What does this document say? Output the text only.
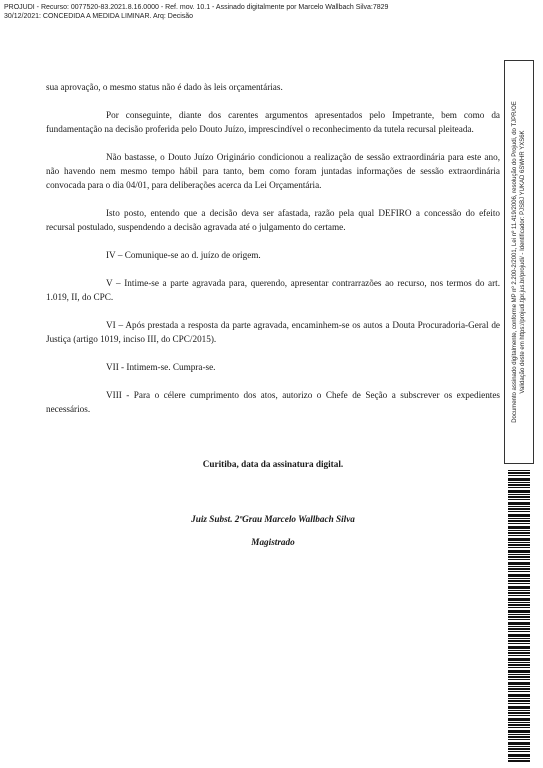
PROJUDI - Recurso: 0077520-83.2021.8.16.0000 - Ref. mov. 10.1 - Assinado digitalmente por Marcelo Wallbach Silva:7829
30/12/2021: CONCEDIDA A MEDIDA LIMINAR. Arq: Decisão

sua aprovação, o mesmo status não é dado às leis orçamentárias.

Por conseguinte, diante dos carentes argumentos apresentados pelo Impetrante, bem como da fundamentação na decisão proferida pelo Douto Juízo, imprescindível o reconhecimento da tutela recursal pleiteada.

Não bastasse, o Douto Juízo Originário condicionou a realização de sessão extraordinária para este ano, não havendo nem mesmo tempo hábil para tanto, bem como foram juntadas informações de sessão extraordinária convocada para o dia 04/01, para deliberações acerca da Lei Orçamentária.

Isto posto, entendo que a decisão deva ser afastada, razão pela qual DEFIRO a concessão do efeito recursal postulado, suspendendo a decisão agravada até o julgamento do certame.

IV – Comunique-se ao d. juízo de origem.

V – Intime-se a parte agravada para, querendo, apresentar contrarrazões ao recurso, nos termos do art. 1.019, II, do CPC.

VI – Após prestada a resposta da parte agravada, encaminhem-se os autos a Douta Procuradoria-Geral de Justiça (artigo 1019, inciso III, do CPC/2015).

VII - Intimem-se. Cumpra-se.

VIII - Para o célere cumprimento dos atos, autorizo o Chefe de Seção a subscrever os expedientes necessários.

Curitiba, data da assinatura digital.
Juiz Subst. 2ºGrau Marcelo Wallbach Silva
Magistrado
Documento assinado digitalmente, conforme MP nº 2.200-2/2001, Lei nº 11.419/2006, resolução do Projudi, do TJPR/OE Validação deste em https://projudi.tjpr.jus.br/projudi/ - Identificador: PJSBJ YUKAD 6SWHR YXS6K
